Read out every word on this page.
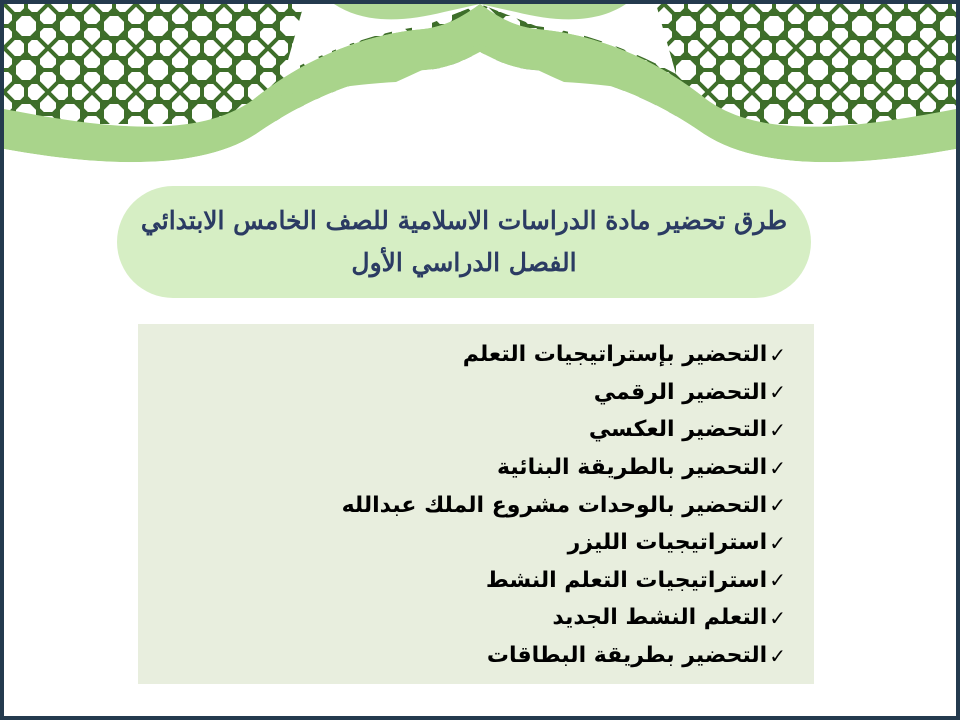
طرق تحضير مادة الدراسات الاسلامية للصف الخامس الابتدائي
الفصل الدراسي الأول
✓
التحضير بإستراتيجيات التعلم
✓
التحضير الرقمي
✓
التحضير العكسي
✓
التحضير بالطريقة البنائية
✓
التحضير بالوحدات مشروع الملك عبدالله
✓
استراتيجيات الليزر
✓
استراتيجيات التعلم النشط
✓
التعلم النشط الجديد
✓
التحضير بطريقة البطاقات
